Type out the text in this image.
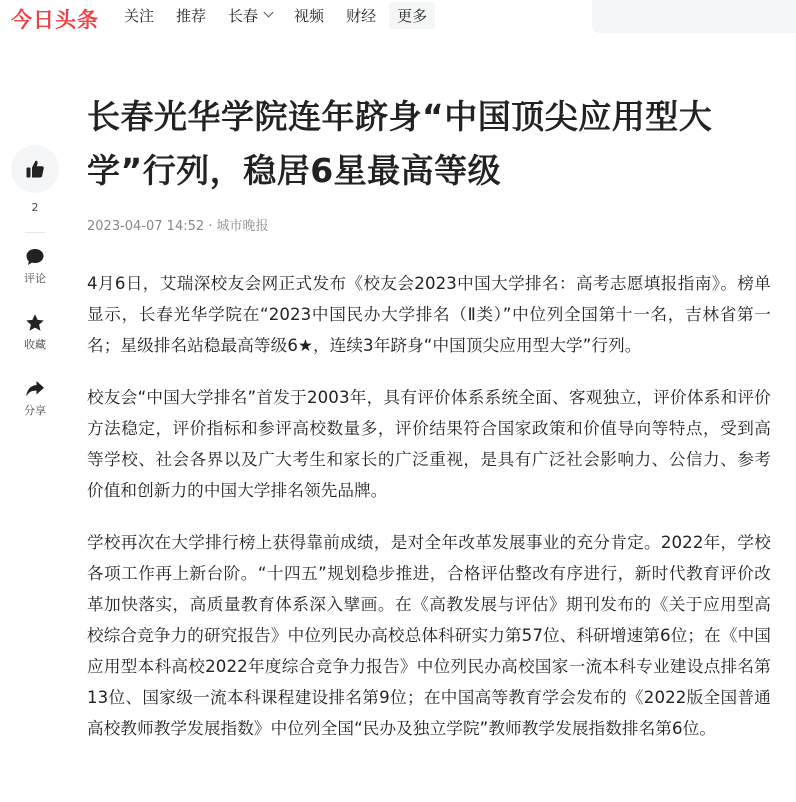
今日头条 关注 推荐 长春 视频 财经	更多
2
评论
收藏
分享
长春光华学院连年跻身“中国顶尖应用型大学”行列，稳居6星最高等级
2023-04-07 14:52 · 城市晚报

4月6日，艾瑞深校友会网正式发布《校友会2023中国大学排名：高考志愿填报指南》。榜单显示，长春光华学院在“2023中国民办大学排名（Ⅱ类）”中位列全国第十一名，吉林省第一名；星级排名站稳最高等级6★，连续3年跻身“中国顶尖应用型大学”行列。

校友会“中国大学排名”首发于2003年，具有评价体系系统全面、客观独立，评价体系和评价方法稳定，评价指标和参评高校数量多，评价结果符合国家政策和价值导向等特点，受到高等学校、社会各界以及广大考生和家长的广泛重视，是具有广泛社会影响力、公信力、参考价值和创新力的中国大学排名领先品牌。

学校再次在大学排行榜上获得靠前成绩，是对全年改革发展事业的充分肯定。2022年，学校各项工作再上新台阶。“十四五”规划稳步推进，合格评估整改有序进行，新时代教育评价改革加快落实，高质量教育体系深入擘画。在《高教发展与评估》期刊发布的《关于应用型高校综合竞争力的研究报告》中位列民办高校总体科研实力第57位、科研增速第6位；在《中国应用型本科高校2022年度综合竞争力报告》中位列民办高校国家一流本科专业建设点排名第13位、国家级一流本科课程建设排名第9位；在中国高等教育学会发布的《2022版全国普通高校教师教学发展指数》中位列全国“民办及独立学院”教师教学发展指数排名第6位。
